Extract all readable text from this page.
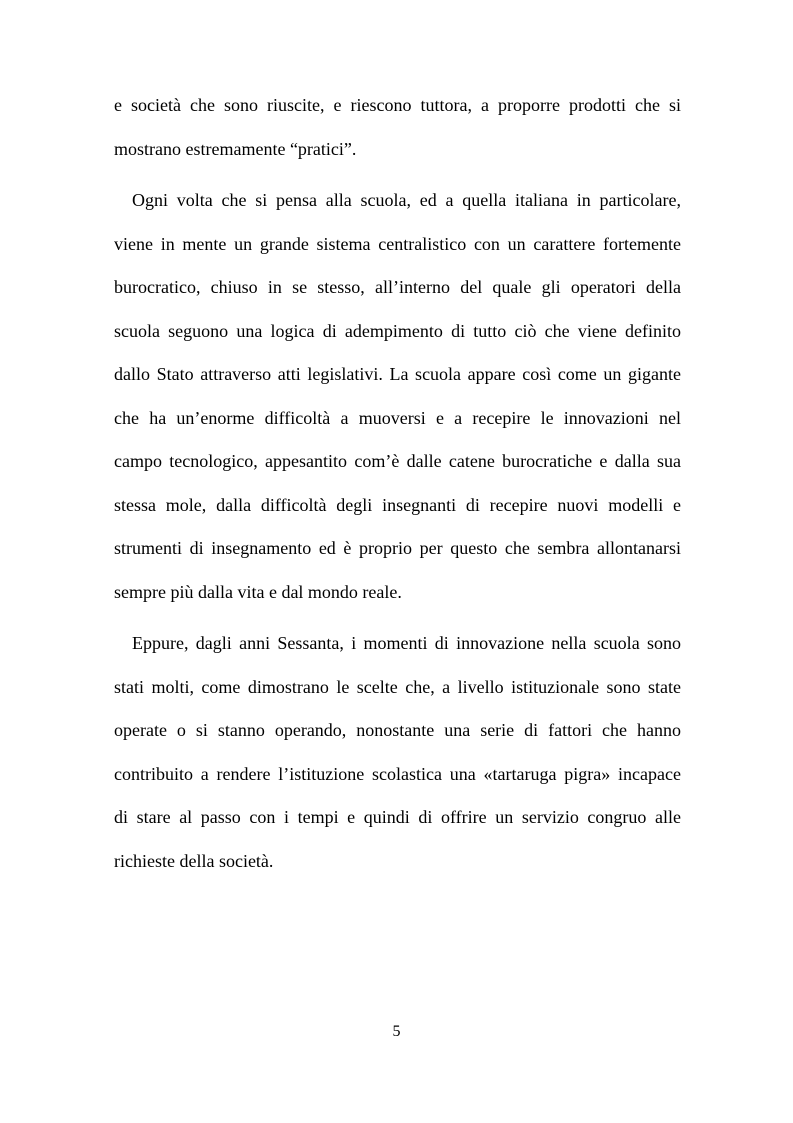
e società che sono riuscite, e riescono tuttora, a proporre prodotti che si
mostrano estremamente “pratici”.
Ogni volta che si pensa alla scuola, ed a quella italiana in particolare,
viene in mente un grande sistema centralistico con un carattere fortemente
burocratico, chiuso in se stesso, all’interno del quale gli operatori della
scuola seguono una logica di adempimento di tutto ciò che viene definito
dallo Stato attraverso atti legislativi. La scuola appare così come un gigante
che ha un’enorme difficoltà a muoversi e a recepire le innovazioni nel
campo tecnologico, appesantito com’è dalle catene burocratiche e dalla sua
stessa mole, dalla difficoltà degli insegnanti di recepire nuovi modelli e
strumenti di insegnamento ed è proprio per questo che sembra allontanarsi
sempre più dalla vita e dal mondo reale.
Eppure, dagli anni Sessanta, i momenti di innovazione nella scuola sono
stati molti, come dimostrano le scelte che, a livello istituzionale sono state
operate o si stanno operando, nonostante una serie di fattori che hanno
contribuito a rendere l’istituzione scolastica una «tartaruga pigra» incapace
di stare al passo con i tempi e quindi di offrire un servizio congruo alle
richieste della società.
5
